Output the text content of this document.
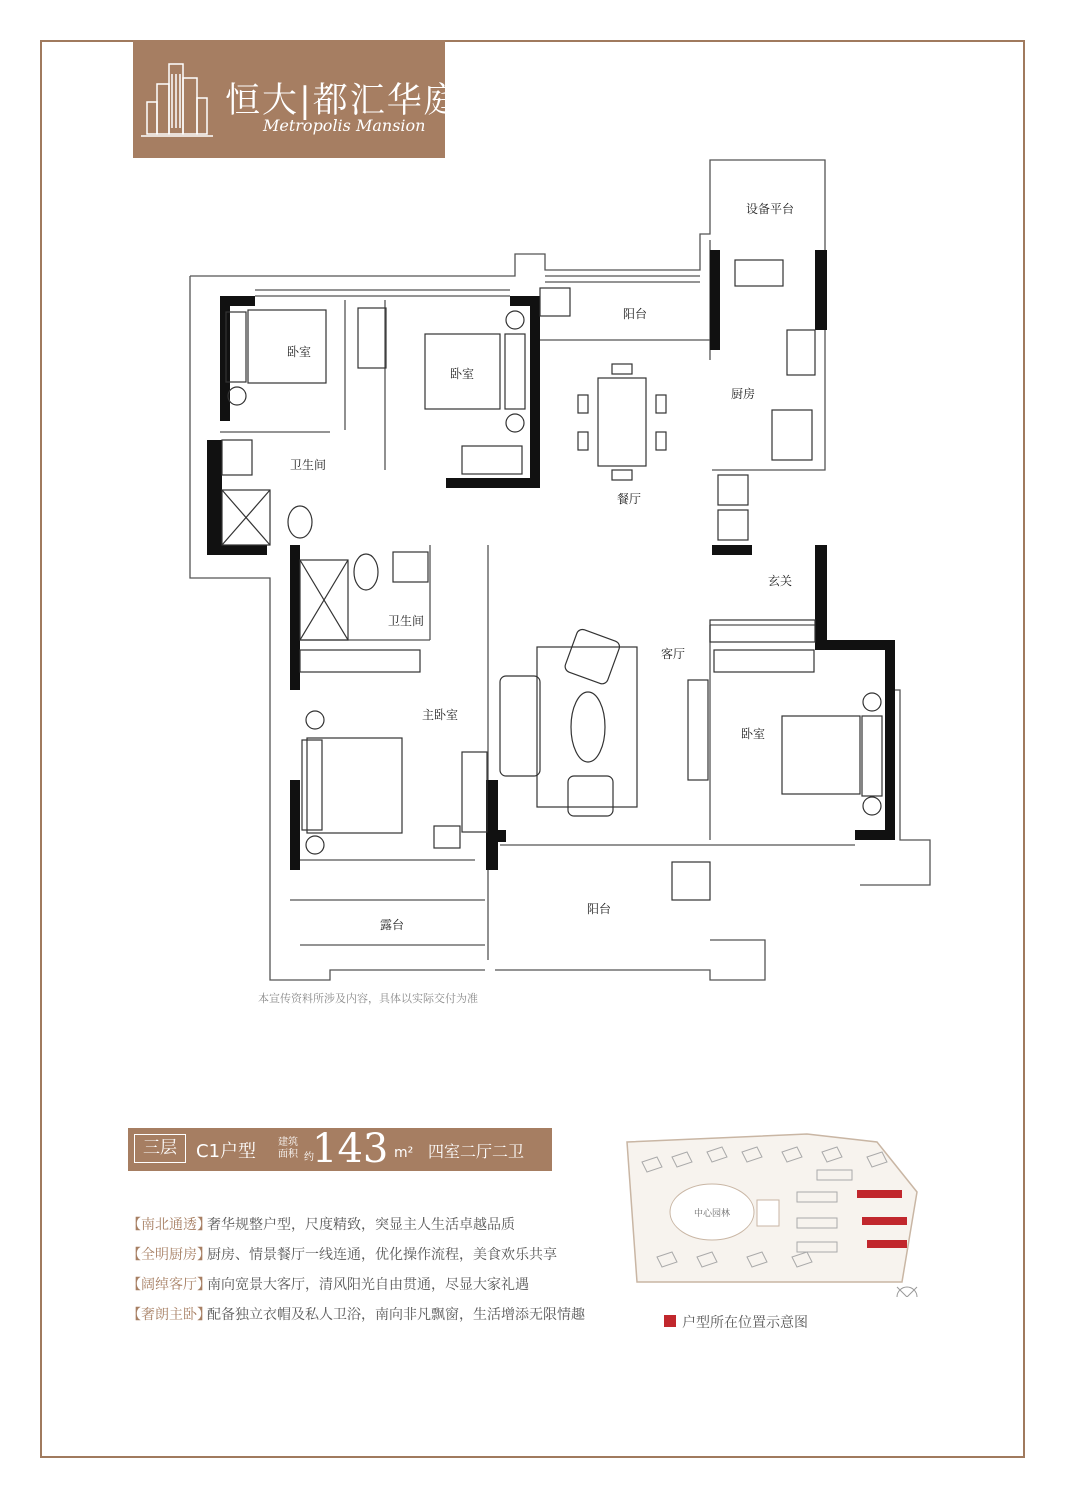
恒大|都汇华庭
Metropolis Mansion
设备平台
阳台
卧室
卧室
厨房
餐厅
卫生间
玄关
卫生间
客厅
主卧室
卧室
露台
阳台
本宣传资料所涉及内容，具体以实际交付为准
三层	C1户型 建筑面积 约
143 m² 四室二厅二卫
【南北通透】
奢华规整户型，尺度精致，突显主人生活卓越品质
【全明厨房】
厨房、情景餐厅一线连通，优化操作流程，美食欢乐共享
【阔绰客厅】
南向宽景大客厅，清风阳光自由贯通，尽显大家礼遇
【奢朗主卧】
配备独立衣帽及私人卫浴，南向非凡飘窗，生活增添无限情趣
中心园林
户型所在位置示意图
